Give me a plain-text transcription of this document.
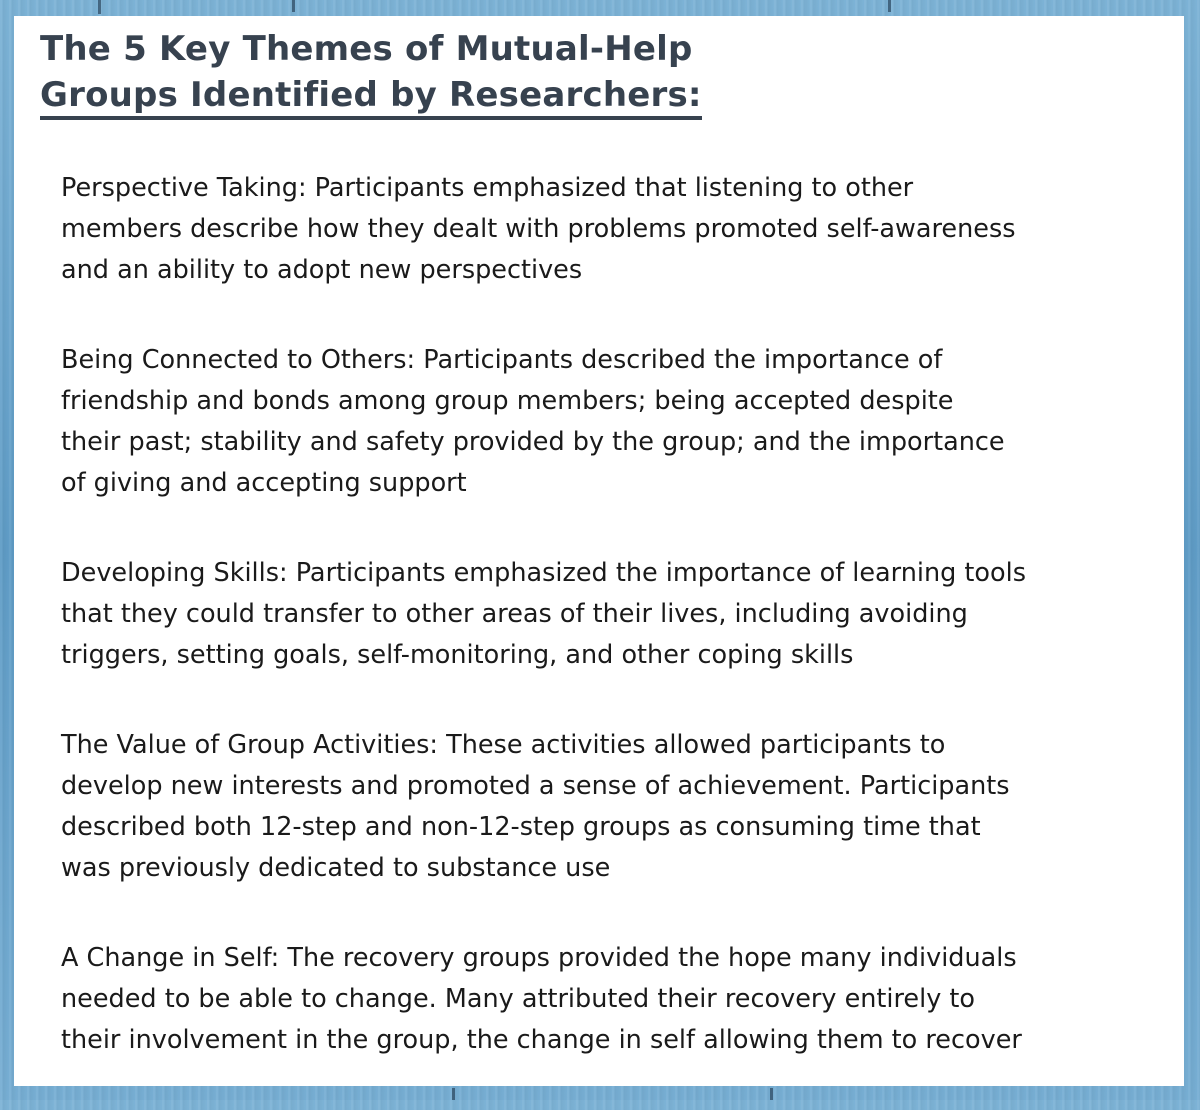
The 5 Key Themes of Mutual-Help
Groups Identified by Researchers:
Perspective Taking: Participants emphasized that listening to other
members describe how they dealt with problems promoted self-awareness
and an ability to adopt new perspectives
Being Connected to Others: Participants described the importance of
friendship and bonds among group members; being accepted despite
their past; stability and safety provided by the group; and the importance
of giving and accepting support
Developing Skills: Participants emphasized the importance of learning tools
that they could transfer to other areas of their lives, including avoiding
triggers, setting goals, self-monitoring, and other coping skills
The Value of Group Activities: These activities allowed participants to
develop new interests and promoted a sense of achievement. Participants
described both 12-step and non-12-step groups as consuming time that
was previously dedicated to substance use
A Change in Self: The recovery groups provided the hope many individuals
needed to be able to change. Many attributed their recovery entirely to
their involvement in the group, the change in self allowing them to recover
